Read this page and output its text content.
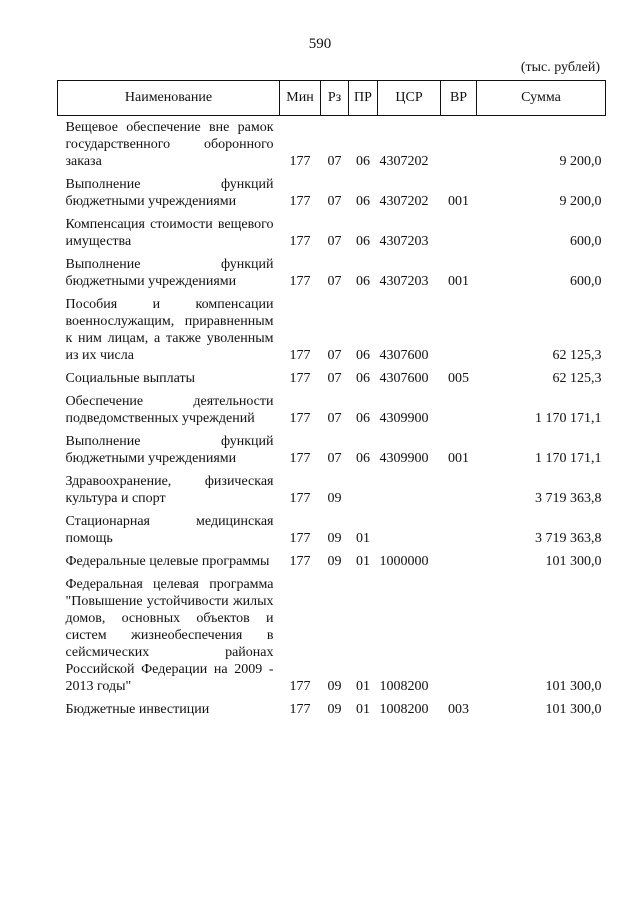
590
(тыс. рублей)
Наименование	Мин	Рз	ПР	ЦСР	ВР	Сумма
Вещевое обеспечение вне рамок государственного оборонного заказа	177	07	06	4307202		9 200,0
Выполнение функций бюджетными учреждениями	177	07	06	4307202	001	9 200,0
Компенсация стоимости вещевого имущества	177	07	06	4307203		600,0
Выполнение функций бюджетными учреждениями	177	07	06	4307203	001	600,0
Пособия и компенсации военнослужащим, приравненным к ним лицам, а также уволенным из их числа	177	07	06	4307600		62 125,3
Социальные выплаты	177	07	06	4307600	005	62 125,3
Обеспечение деятельности подведомственных учреждений	177	07	06	4309900		1 170 171,1
Выполнение функций бюджетными учреждениями	177	07	06	4309900	001	1 170 171,1
Здравоохранение, физическая культура и спорт	177	09				3 719 363,8
Стационарная медицинская помощь	177	09	01			3 719 363,8
Федеральные целевые программы	177	09	01	1000000		101 300,0
Федеральная целевая программа "Повышение устойчивости жилых домов, основных объектов и систем жизнеобеспечения в сейсмических районах Российской Федерации на 2009 - 2013 годы"	177	09	01	1008200		101 300,0
Бюджетные инвестиции	177	09	01	1008200	003	101 300,0
